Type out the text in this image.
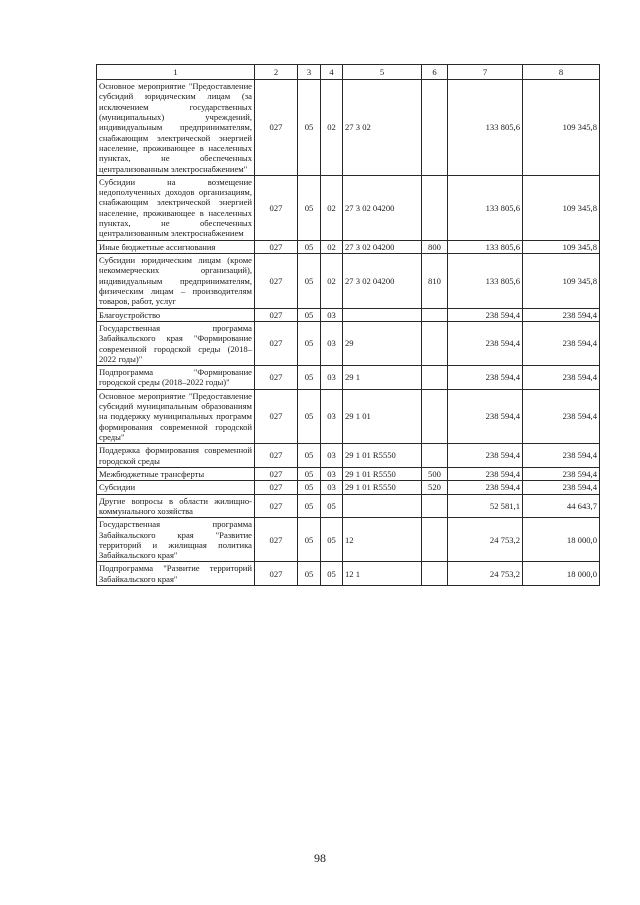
1	2	3	4	5	6	7	8
Основное мероприятие "Предоставление субсидий юридическим лицам (за исключением государственных (муниципальных) учреждений, индивидуальным предпринимателям, снабжающим электрической энергией население, проживающее в населенных пунктах, не обеспеченных централизованным электроснабжением"	027	05	02	27 3 02		133 805,6	109 345,8
Субсидии на возмещение недополученных доходов организациям, снабжающим электрической энергией население, проживающее в населенных пунктах, не обеспеченных централизованным электроснабжением	027	05	02	27 3 02 04200		133 805,6	109 345,8
Иные бюджетные ассигнования	027	05	02	27 3 02 04200	800	133 805,6	109 345,8
Субсидии юридическим лицам (кроме некоммерческих организаций), индивидуальным предпринимателям, физическим лицам – производителям товаров, работ, услуг	027	05	02	27 3 02 04200	810	133 805,6	109 345,8
Благоустройство	027	05	03			238 594,4	238 594,4
Государственная программа Забайкальского края "Формирование современной городской среды (2018–2022 годы)"	027	05	03	29		238 594,4	238 594,4
Подпрограмма "Формирование городской среды (2018–2022 годы)"	027	05	03	29 1		238 594,4	238 594,4
Основное мероприятие "Предоставление субсидий муниципальным образованиям на поддержку муниципальных программ формирования современной городской среды"	027	05	03	29 1 01		238 594,4	238 594,4
Поддержка формирования современной городской среды	027	05	03	29 1 01 R5550		238 594,4	238 594,4
Межбюджетные трансферты	027	05	03	29 1 01 R5550	500	238 594,4	238 594,4
Субсидии	027	05	03	29 1 01 R5550	520	238 594,4	238 594,4
Другие вопросы в области жилищно-коммунального хозяйства	027	05	05			52 581,1	44 643,7
Государственная программа Забайкальского края "Развитие территорий и жилищная политика Забайкальского края"	027	05	05	12		24 753,2	18 000,0
Подпрограмма "Развитие территорий Забайкальского края"	027	05	05	12 1		24 753,2	18 000,0
98
